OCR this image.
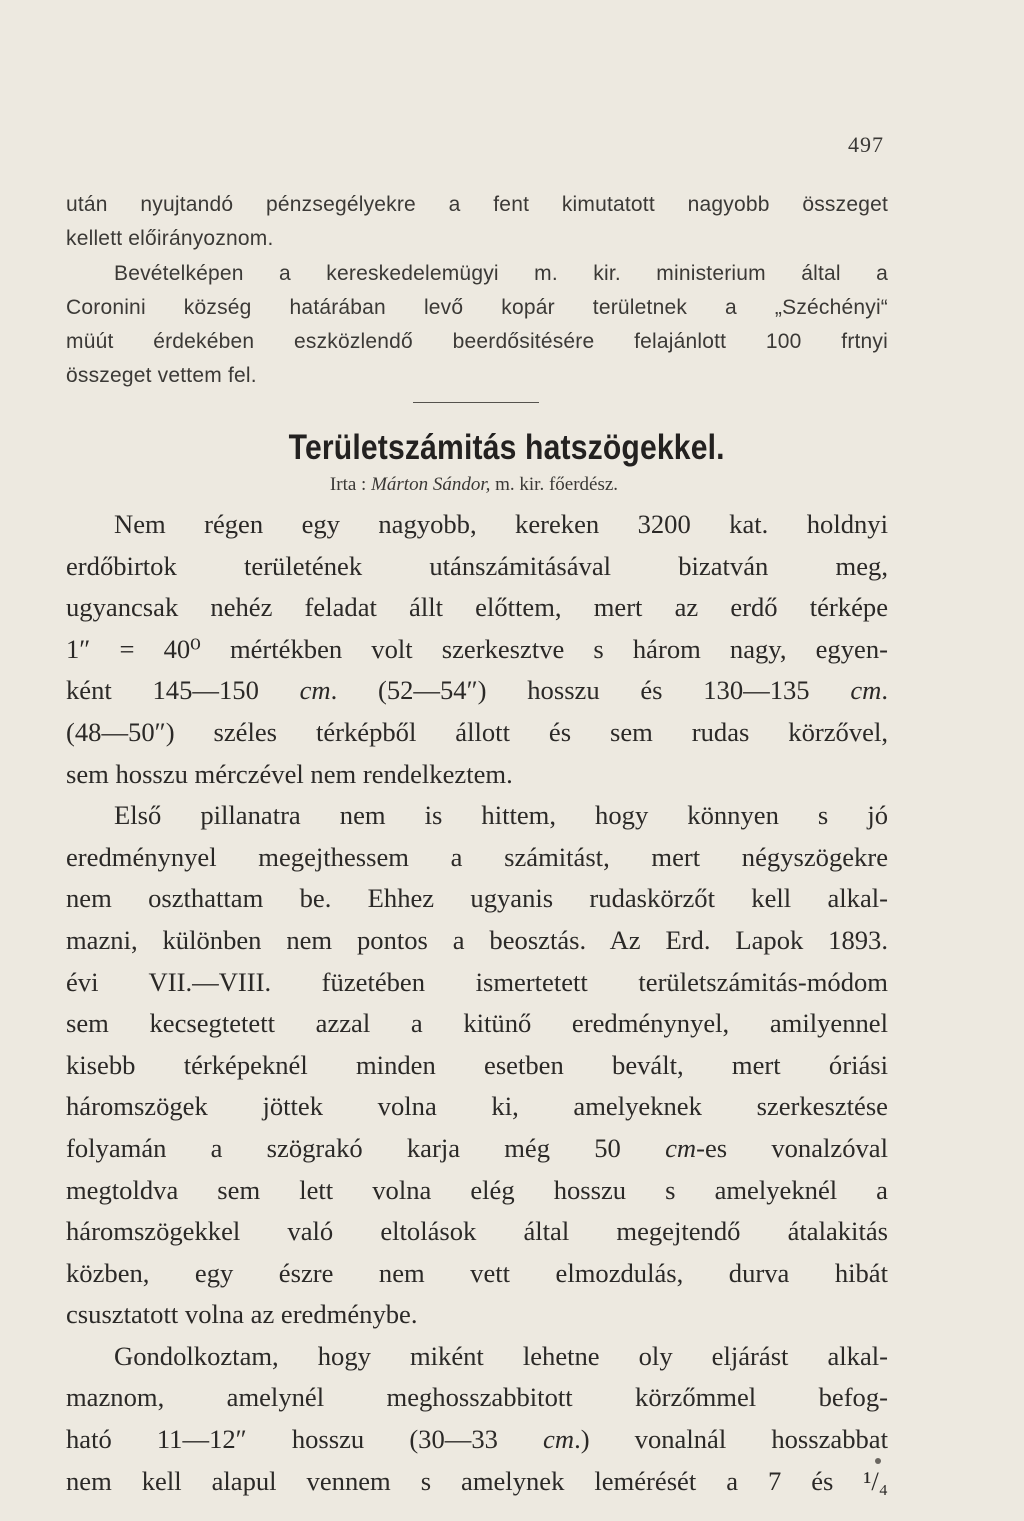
497
után nyujtandó pénzsegélyekre a fent kimutatott nagyobb összeget
kellett előirányoznom.
Bevételképen a kereskedelemügyi m. kir. ministerium által a
Coronini község határában levő kopár területnek a „Széchényi“
müút érdekében eszközlendő beerdősitésére felajánlott 100 frtnyi
összeget vettem fel.
Területszámitás hatszögekkel.
Irta : Márton Sándor, m. kir. főerdész.
Nem régen egy nagyobb, kereken 3200 kat. holdnyi
erdőbirtok területének utánszámitásával bizatván meg,
ugyancsak nehéz feladat állt előttem, mert az erdő térképe
1″ = 40⁰ mértékben volt szerkesztve s három nagy, egyen-
ként 145—150 cm. (52—54″) hosszu és 130—135 cm.
(48—50″) széles térképből állott és sem rudas körzővel,
sem hosszu mérczével nem rendelkeztem.
Első pillanatra nem is hittem, hogy könnyen s jó
eredménynyel megejthessem a számitást, mert négyszögekre
nem oszthattam be. Ehhez ugyanis rudaskörzőt kell alkal-
mazni, különben nem pontos a beosztás. Az Erd. Lapok 1893.
évi VII.—VIII. füzetében ismertetett területszámitás-módom
sem kecsegtetett azzal a kitünő eredménynyel, amilyennel
kisebb térképeknél minden esetben bevált, mert óriási
háromszögek jöttek volna ki, amelyeknek szerkesztése
folyamán a szögrakó karja még 50 cm-es vonalzóval
megtoldva sem lett volna elég hosszu s amelyeknél a
háromszögekkel való eltolások által megejtendő átalakitás
közben, egy észre nem vett elmozdulás, durva hibát
csusztatott volna az eredménybe.
Gondolkoztam, hogy miként lehetne oly eljárást alkal-
maznom, amelynél meghosszabbitott körzőmmel befog-
ható 11—12″ hosszu (30—33 cm.) vonalnál hosszabbat
nem kell alapul vennem s amelynek lemérését a 7 és ¹/₄
